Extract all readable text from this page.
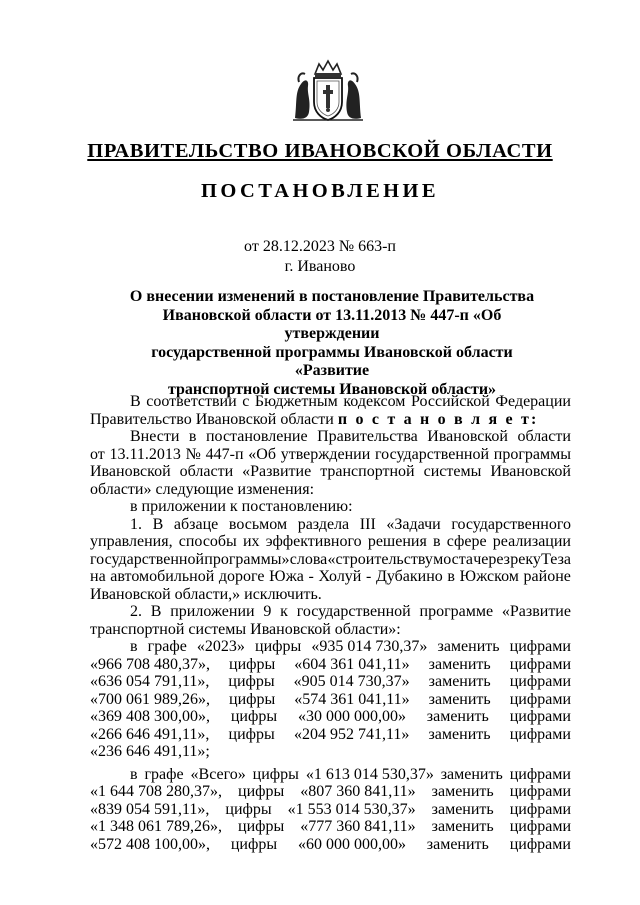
ПРАВИТЕЛЬСТВО ИВАНОВСКОЙ ОБЛАСТИ
ПОСТАНОВЛЕНИЕ
от 28.12.2023 № 663-п
г. Иваново
О внесении изменений в постановление Правительства
Ивановской области от 13.11.2013 № 447-п «Об утверждении
государственной программы Ивановской области «Развитие
транспортной системы Ивановской области»
В соответствии с Бюджетным кодексом Российской Федерации
Правительство Ивановской области п о с т а н о в л я е т:
Внести в постановление Правительства Ивановской области
от 13.11.2013 № 447-п «Об утверждении государственной программы
Ивановской области «Развитие транспортной системы Ивановской
области» следующие изменения:
в приложении к постановлению:
1. В абзаце восьмом раздела III «Задачи государственного
управления, способы их эффективного решения в сфере реализации
государственной программы» слова «строительству моста через реку Теза
на автомобильной дороге Южа - Холуй - Дубакино в Южском районе
Ивановской области,» исключить.
2. В приложении 9 к государственной программе «Развитие
транспортной системы Ивановской области»:
в графе «2023» цифры «935 014 730,37» заменить цифрами
«966 708 480,37», цифры «604 361 041,11» заменить цифрами
«636 054 791,11», цифры «905 014 730,37» заменить цифрами
«700 061 989,26», цифры «574 361 041,11» заменить цифрами
«369 408 300,00», цифры «30 000 000,00» заменить цифрами
«266 646 491,11», цифры «204 952 741,11» заменить цифрами
«236 646 491,11»;
в графе «Всего» цифры «1 613 014 530,37» заменить цифрами
«1 644 708 280,37», цифры «807 360 841,11» заменить цифрами
«839 054 591,11», цифры «1 553 014 530,37» заменить цифрами
«1 348 061 789,26», цифры «777 360 841,11» заменить цифрами
«572 408 100,00», цифры «60 000 000,00» заменить цифрами
